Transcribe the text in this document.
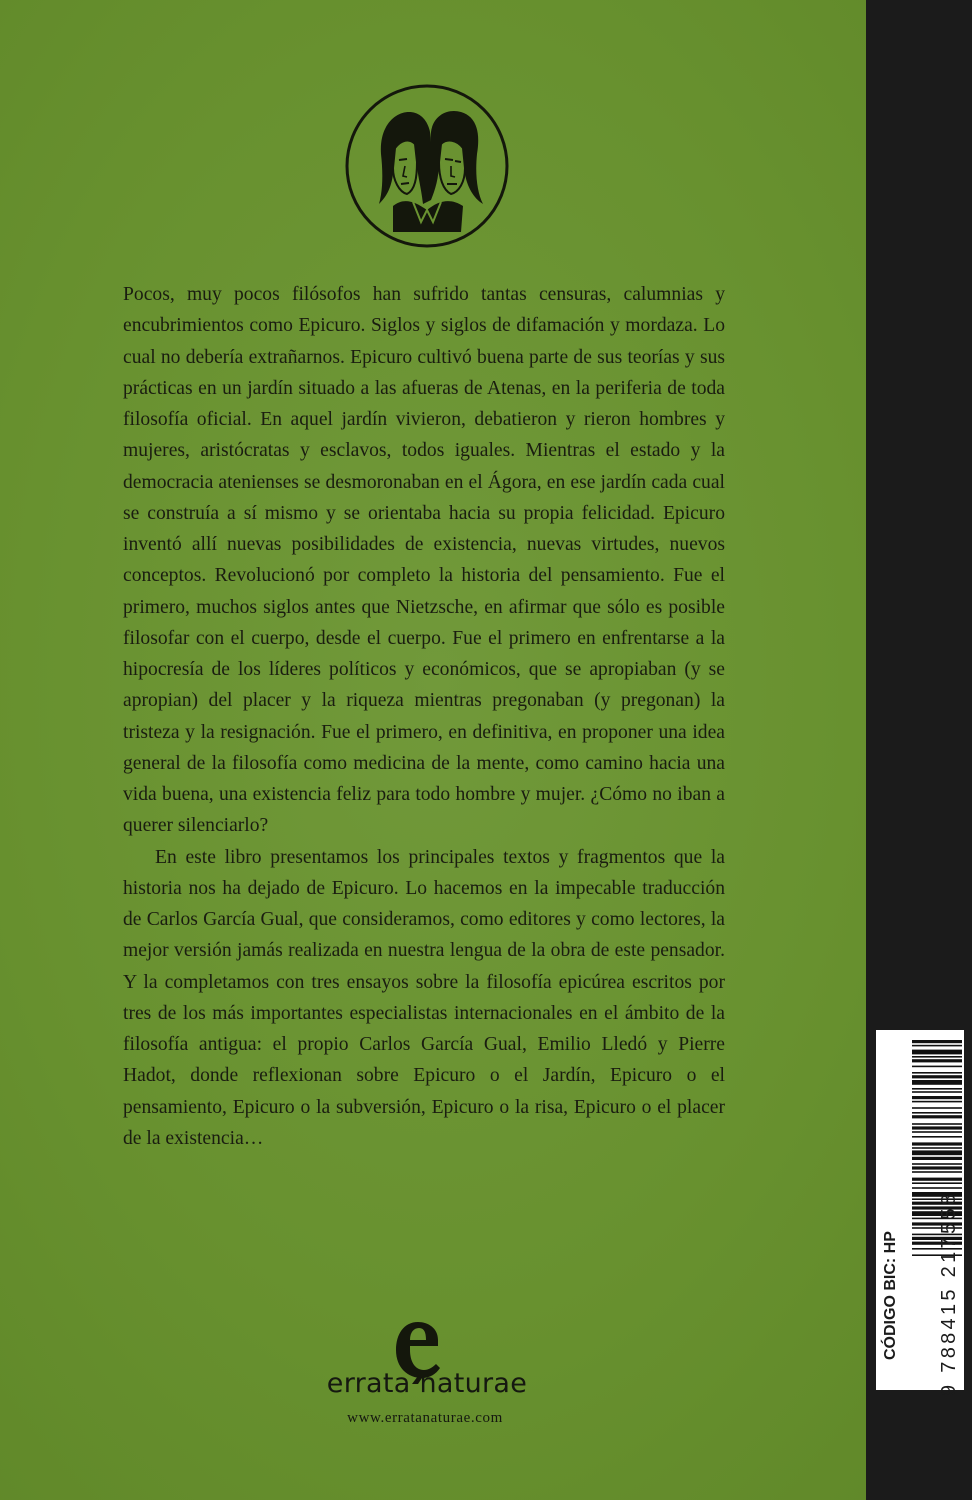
Pocos, muy pocos filósofos han sufrido tantas censuras, calumnias y encubrimientos como Epicuro. Siglos y siglos de difamación y mordaza. Lo cual no debería extrañarnos. Epicuro cultivó buena parte de sus teorías y sus prácticas en un jardín situado a las afueras de Atenas, en la periferia de toda filosofía oficial. En aquel jardín vivieron, debatieron y rieron hombres y mujeres, aristócratas y esclavos, todos iguales. Mientras el estado y la democracia atenienses se desmoronaban en el Ágora, en ese jardín cada cual se construía a sí mismo y se orientaba hacia su propia felicidad. Epicuro inventó allí nuevas posibilidades de existencia, nuevas virtudes, nuevos conceptos. Revolucionó por completo la historia del pensamiento. Fue el primero, muchos siglos antes que Nietzsche, en afirmar que sólo es posible filosofar con el cuerpo, desde el cuerpo. Fue el primero en enfrentarse a la hipocresía de los líderes políticos y económicos, que se apropiaban (y se apropian) del placer y la riqueza mientras pregonaban (y pregonan) la tristeza y la resignación. Fue el primero, en definitiva, en proponer una idea general de la filosofía como medicina de la mente, como camino hacia una vida buena, una existencia feliz para todo hombre y mujer. ¿Cómo no iban a querer silenciarlo?

En este libro presentamos los principales textos y fragmentos que la historia nos ha dejado de Epicuro. Lo hacemos en la impecable traducción de Carlos García Gual, que consideramos, como editores y como lectores, la mejor versión jamás realizada en nuestra lengua de la obra de este pensador. Y la completamos con tres ensayos sobre la filosofía epicúrea escritos por tres de los más importantes especialistas internacionales en el ámbito de la filosofía antigua: el propio Carlos García Gual, Emilio Lledó y Pierre Hadot, donde reflexionan sobre Epicuro o el Jardín, Epicuro o el pensamiento, Epicuro o la subversión, Epicuro o la risa, Epicuro o el placer de la existencia…

errata naturae
www.erratanaturae.com
CÓDIGO BIC: HP 9 788415 217558
